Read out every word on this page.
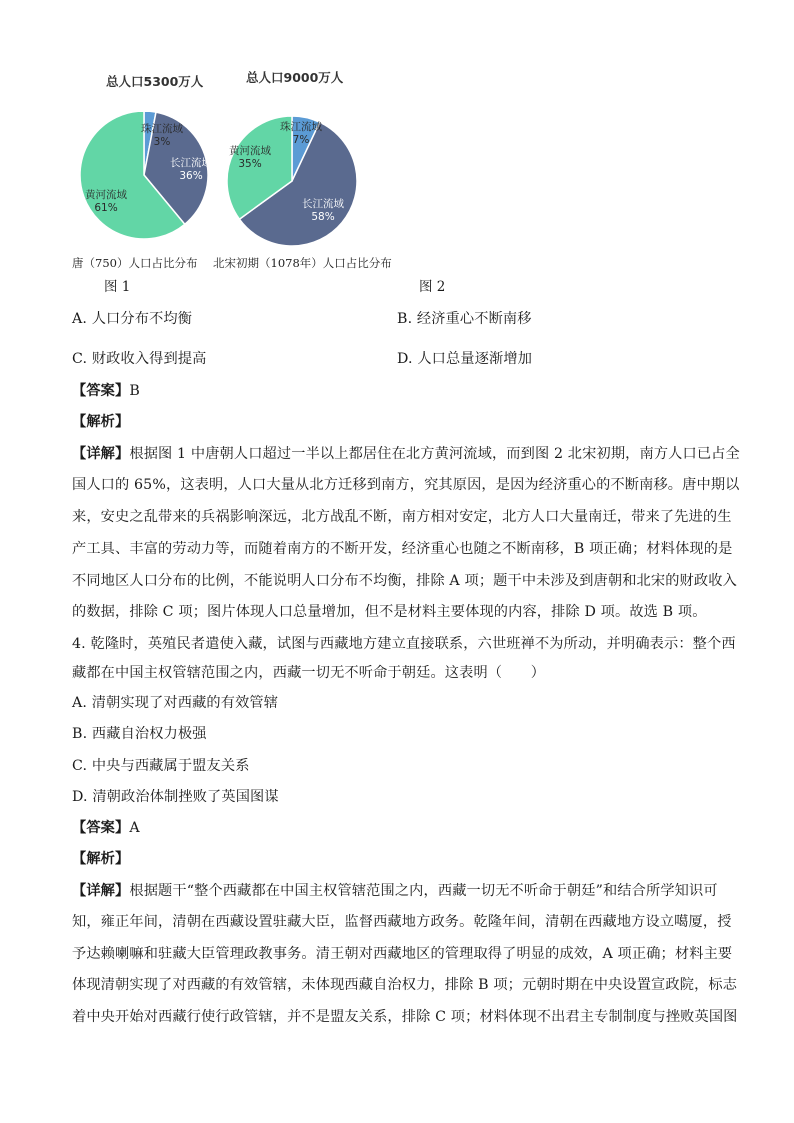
总人口5300万人	总人口9000万人
珠江流域
3%
长江流域
36%
黄河流域
61%
珠江流域
7%
长江流域
58%
黄河流域
35%
唐（750）人口占比分布 北宋初期（1078年）人口占比分布
图 1	图 2
A. 人口分布不均衡	B. 经济重心不断南移
C. 财政收入得到提高	D. 人口总量逐渐增加
【答案】B
【解析】
【详解】根据图 1 中唐朝人口超过一半以上都居住在北方黄河流域，而到图 2 北宋初期，南方人口已占全
国人口的 65%，这表明，人口大量从北方迁移到南方，究其原因，是因为经济重心的不断南移。唐中期以
来，安史之乱带来的兵祸影响深远，北方战乱不断，南方相对安定，北方人口大量南迁，带来了先进的生
产工具、丰富的劳动力等，而随着南方的不断开发，经济重心也随之不断南移，B 项正确；材料体现的是
不同地区人口分布的比例，不能说明人口分布不均衡，排除 A 项；题干中未涉及到唐朝和北宋的财政收入
的数据，排除 C 项；图片体现人口总量增加，但不是材料主要体现的内容，排除 D 项。故选 B 项。
4. 乾隆时，英殖民者遣使入藏，试图与西藏地方建立直接联系，六世班禅不为所动，并明确表示：整个西
藏都在中国主权管辖范围之内，西藏一切无不听命于朝廷。这表明（　　）
A. 清朝实现了对西藏的有效管辖
B. 西藏自治权力极强
C. 中央与西藏属于盟友关系
D. 清朝政治体制挫败了英国图谋
【答案】A
【解析】
【详解】根据题干“整个西藏都在中国主权管辖范围之内，西藏一切无不听命于朝廷”和结合所学知识可
知，雍正年间，清朝在西藏设置驻藏大臣，监督西藏地方政务。乾隆年间，清朝在西藏地方设立噶厦，授
予达赖喇嘛和驻藏大臣管理政教事务。清王朝对西藏地区的管理取得了明显的成效，A 项正确；材料主要
体现清朝实现了对西藏的有效管辖，未体现西藏自治权力，排除 B 项；元朝时期在中央设置宣政院，标志
着中央开始对西藏行使行政管辖，并不是盟友关系，排除 C 项；材料体现不出君主专制制度与挫败英国图
